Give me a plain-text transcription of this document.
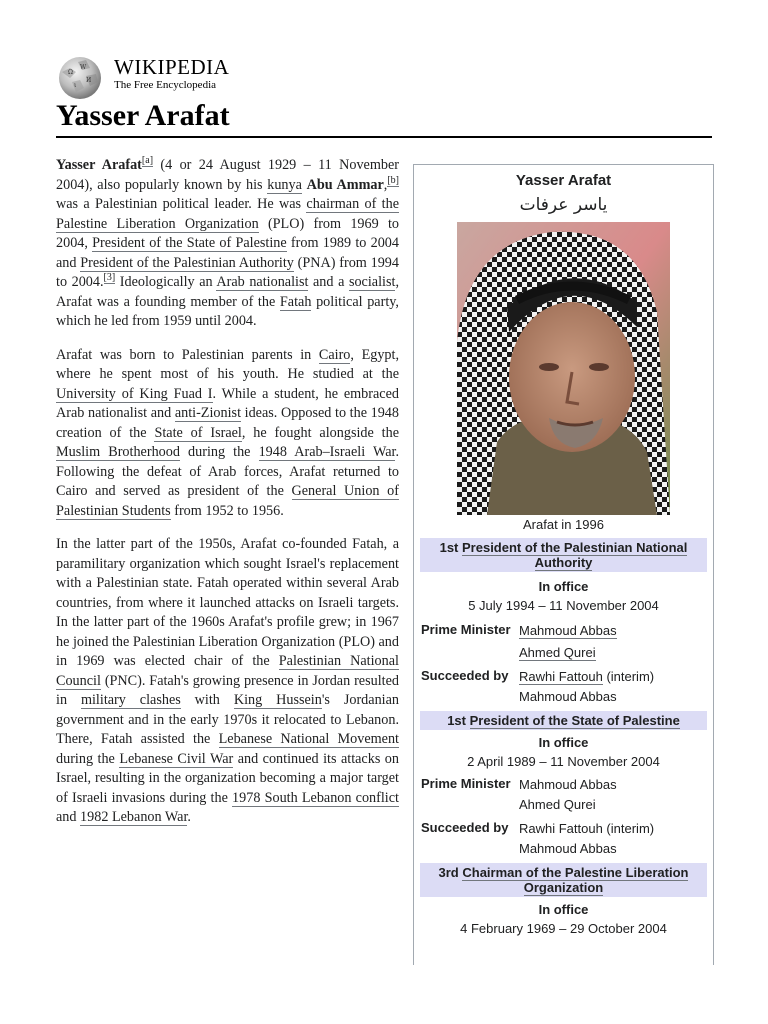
Ω
W
И
ι
WIKIPEDIA
The Free Encyclopedia
Yasser Arafat

Yasser Arafat[a] (4 or 24 August 1929 – 11 November 2004), also popularly known by his kunya Abu Ammar,[b] was a Palestinian political leader. He was chairman of the Palestine Liberation Organization (PLO) from 1969 to 2004, President of the State of Palestine from 1989 to 2004 and President of the Palestinian Authority (PNA) from 1994 to 2004.[3] Ideologically an Arab nationalist and a socialist, Arafat was a founding member of the Fatah political party, which he led from 1959 until 2004.

Arafat was born to Palestinian parents in Cairo, Egypt, where he spent most of his youth. He studied at the University of King Fuad I. While a student, he embraced Arab nationalist and anti-Zionist ideas. Opposed to the 1948 creation of the State of Israel, he fought alongside the Muslim Brotherhood during the 1948 Arab–Israeli War. Following the defeat of Arab forces, Arafat returned to Cairo and served as president of the General Union of Palestinian Students from 1952 to 1956.

In the latter part of the 1950s, Arafat co-founded Fatah, a paramilitary organization which sought Israel's replacement with a Palestinian state. Fatah operated within several Arab countries, from where it launched attacks on Israeli targets. In the latter part of the 1960s Arafat's profile grew; in 1967 he joined the Palestinian Liberation Organization (PLO) and in 1969 was elected chair of the Palestinian National Council (PNC). Fatah's growing presence in Jordan resulted in military clashes with King Hussein's Jordanian government and in the early 1970s it relocated to Lebanon. There, Fatah assisted the Lebanese National Movement during the Lebanese Civil War and continued its attacks on Israel, resulting in the organization becoming a major target of Israeli invasions during the 1978 South Lebanon conflict and 1982 Lebanon War.

Yasser Arafat
ياسر عرفات
Arafat in 1996
1st President of the Palestinian National Authority
In office
5 July 1994 – 11 November 2004
Prime Minister Mahmoud Abbas
Ahmed Qurei
Succeeded by Rawhi Fattouh (interim)
Mahmoud Abbas
1st President of the State of Palestine
In office
2 April 1989 – 11 November 2004
Prime Minister Mahmoud Abbas
Ahmed Qurei
Succeeded by Rawhi Fattouh (interim)
Mahmoud Abbas
3rd Chairman of the Palestine Liberation Organization
In office
4 February 1969 – 29 October 2004
